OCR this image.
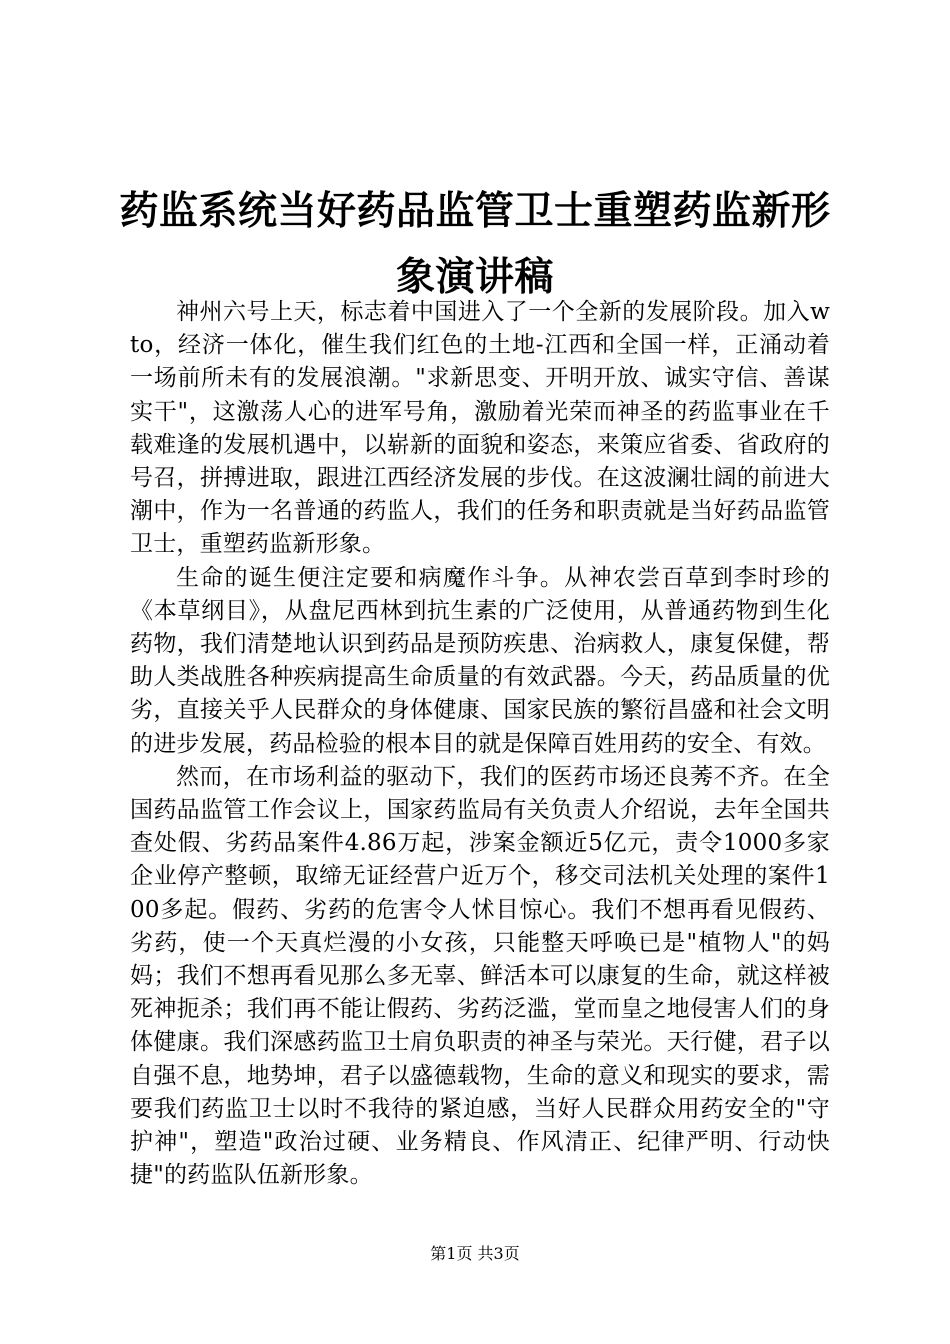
药监系统当好药品监管卫士重塑药监新形象演讲稿

神州六号上天，标志着中国进入了一个全新的发展阶段。加入wto，经济一体化，催生我们红色的土地-江西和全国一样，正涌动着一场前所未有的发展浪潮。"求新思变、开明开放、诚实守信、善谋实干"，这激荡人心的进军号角，激励着光荣而神圣的药监事业在千载难逢的发展机遇中，以崭新的面貌和姿态，来策应省委、省政府的号召，拼搏进取，跟进江西经济发展的步伐。在这波澜壮阔的前进大潮中，作为一名普通的药监人，我们的任务和职责就是当好药品监管卫士，重塑药监新形象。

生命的诞生便注定要和病魔作斗争。从神农尝百草到李时珍的《本草纲目》，从盘尼西林到抗生素的广泛使用，从普通药物到生化药物，我们清楚地认识到药品是预防疾患、治病救人，康复保健，帮助人类战胜各种疾病提高生命质量的有效武器。今天，药品质量的优劣，直接关乎人民群众的身体健康、国家民族的繁衍昌盛和社会文明的进步发展，药品检验的根本目的就是保障百姓用药的安全、有效。

然而，在市场利益的驱动下，我们的医药市场还良莠不齐。在全国药品监管工作会议上，国家药监局有关负责人介绍说，去年全国共查处假、劣药品案件4.86万起，涉案金额近5亿元，责令1000多家企业停产整顿，取缔无证经营户近万个，移交司法机关处理的案件100多起。假药、劣药的危害令人怵目惊心。我们不想再看见假药、劣药，使一个天真烂漫的小女孩，只能整天呼唤已是"植物人"的妈妈；我们不想再看见那么多无辜、鲜活本可以康复的生命，就这样被死神扼杀；我们再不能让假药、劣药泛滥，堂而皇之地侵害人们的身体健康。我们深感药监卫士肩负职责的神圣与荣光。天行健，君子以自强不息，地势坤，君子以盛德载物，生命的意义和现实的要求，需要我们药监卫士以时不我待的紧迫感，当好人民群众用药安全的"守护神"，塑造"政治过硬、业务精良、作风清正、纪律严明、行动快捷"的药监队伍新形象。

第1页 共3页
